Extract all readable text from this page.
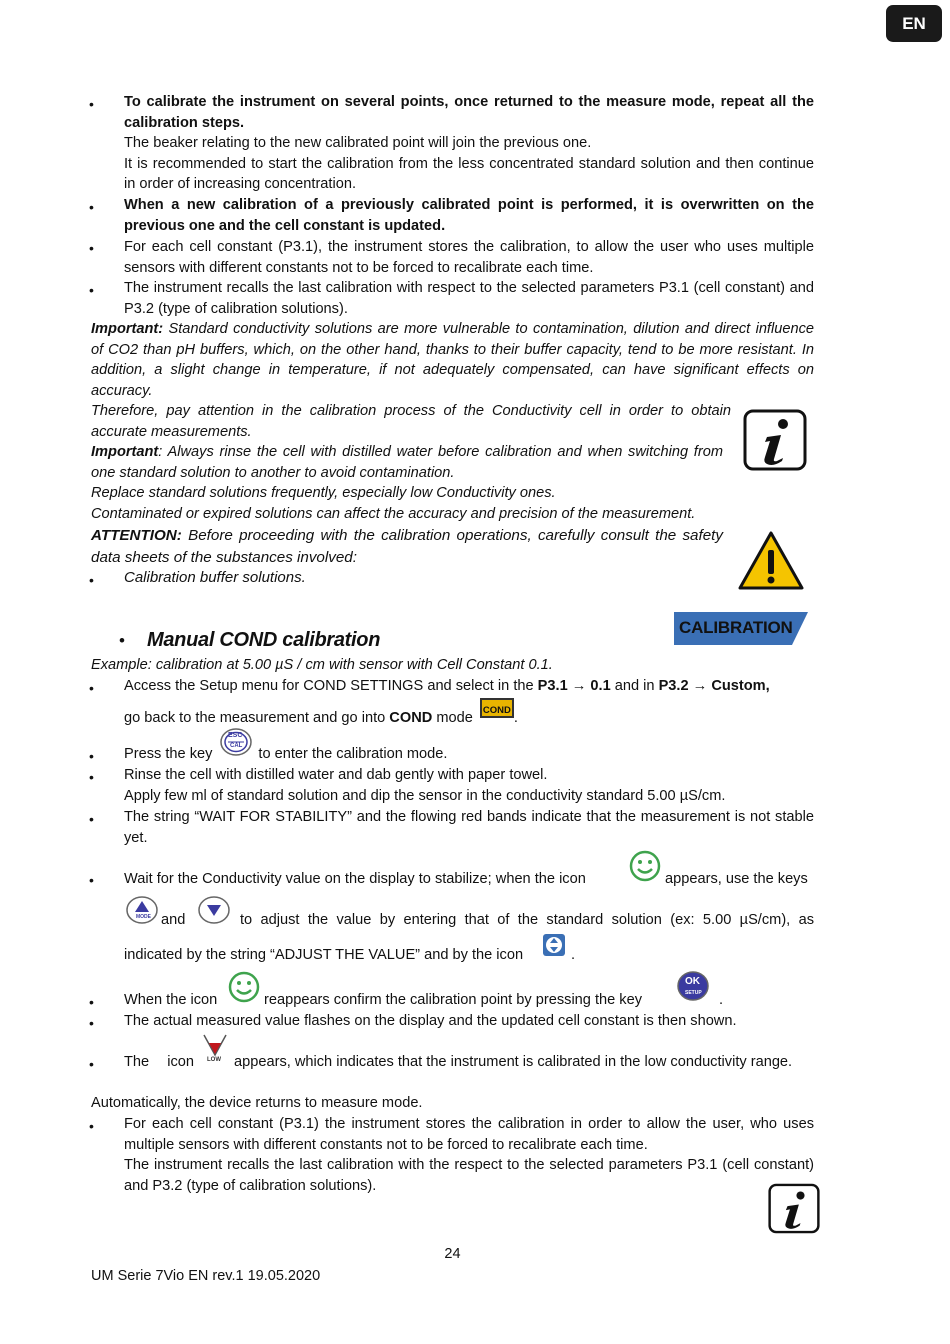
EN
• To calibrate the instrument on several points, once returned to the measure mode, repeat all the calibration steps.
The beaker relating to the new calibrated point will join the previous one.
It is recommended to start the calibration from the less concentrated standard solution and then continue in order of increasing concentration.
• When a new calibration of a previously calibrated point is performed, it is overwritten on the previous one and the cell constant is updated.
• For each cell constant (P3.1), the instrument stores the calibration, to allow the user who uses multiple sensors with different constants not to be forced to recalibrate each time.
• The instrument recalls the last calibration with respect to the selected parameters P3.1 (cell constant) and P3.2 (type of calibration solutions).
Important: Standard conductivity solutions are more vulnerable to contamination, dilution and direct influence of CO2 than pH buffers, which, on the other hand, thanks to their buffer capacity, tend to be more resistant. In addition, a slight change in temperature, if not adequately compensated, can have significant effects on accuracy.
Therefore, pay attention in the calibration process of the Conductivity cell in order to obtain accurate measurements.
Important: Always rinse the cell with distilled water before calibration and when switching from one standard solution to another to avoid contamination.
Replace standard solutions frequently, especially low Conductivity ones.
Contaminated or expired solutions can affect the accuracy and precision of the measurement.
ATTENTION: Before proceeding with the calibration operations, carefully consult the safety data sheets of the substances involved:
• Calibration buffer solutions.
CALIBRATION
• Manual COND calibration
Example: calibration at 5.00 µS / cm with sensor with Cell Constant 0.1.
• Access the Setup menu for COND SETTINGS and select in the P3.1 → 0.1 and in P3.2 → Custom,
go back to the measurement and go into COND mode COND .
ESC
CAL
• Press the key	to enter the calibration mode.
• Rinse the cell with distilled water and dab gently with paper towel.
Apply few ml of standard solution and dip the sensor in the conductivity standard 5.00 µS/cm.
• The string “WAIT FOR STABILITY” and the flowing red bands indicate that the measurement is not stable yet.
• Wait for the Conductivity value on the display to stabilize; when the icon	appears, use the keys
MODE and	to adjust the value by entering that of the standard solution (ex: 5.00 µS/cm), as
indicated by the string “ADJUST THE VALUE” and by the icon	.
OK
SETUP
• When the icon	reappears confirm the calibration point by pressing the key	.
• The actual measured value flashes on the display and the updated cell constant is then shown.
LOW
• The icon	appears, which indicates that the instrument is calibrated in the low conductivity range.
Automatically, the device returns to measure mode.
• For each cell constant (P3.1) the instrument stores the calibration in order to allow the user, who uses multiple sensors with different constants not to be forced to recalibrate each time.
The instrument recalls the last calibration with the respect to the selected parameters P3.1 (cell constant) and P3.2 (type of calibration solutions).
24
UM Serie 7Vio EN rev.1 19.05.2020
